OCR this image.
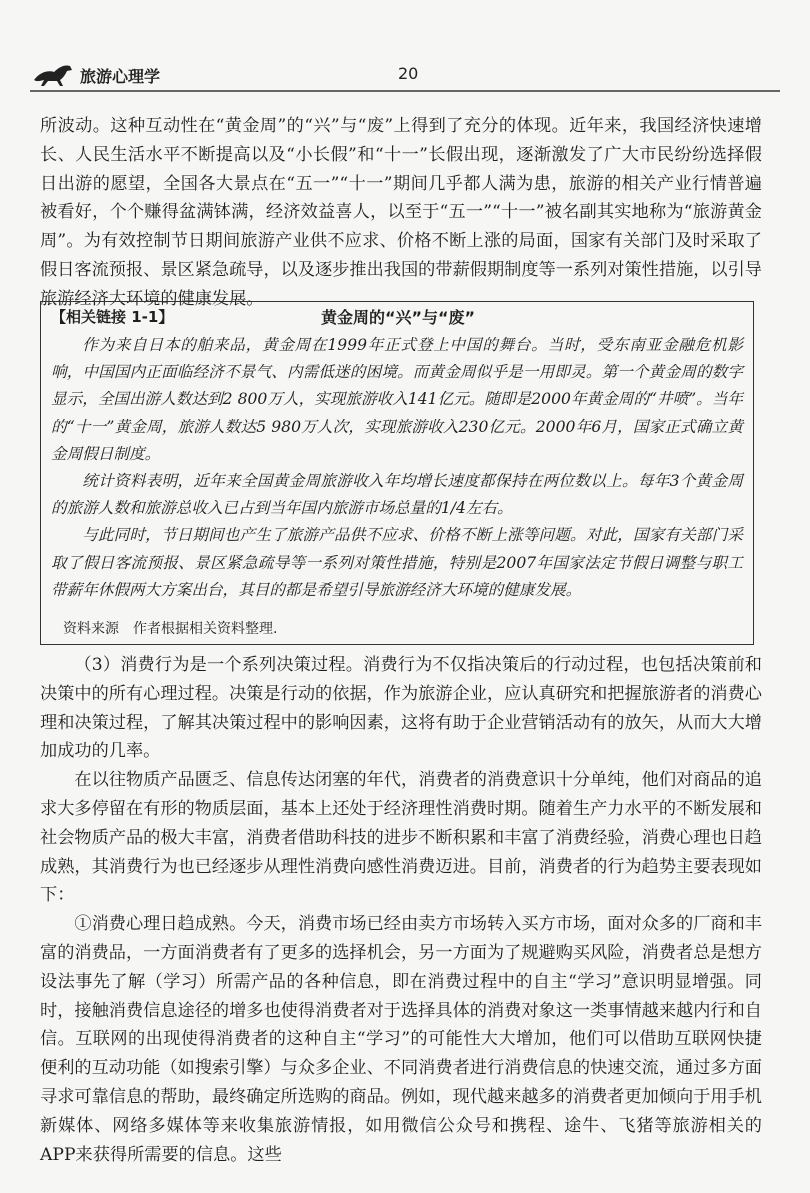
旅游心理学	20

所波动。这种互动性在“黄金周”的“兴”与“废”上得到了充分的体现。近年来，我国经济快速增长、人民生活水平不断提高以及“小长假”和“十一”长假出现，逐渐激发了广大市民纷纷选择假日出游的愿望，全国各大景点在“五一”“十一”期间几乎都人满为患，旅游的相关产业行情普遍被看好，个个赚得盆满钵满，经济效益喜人，以至于“五一”“十一”被名副其实地称为“旅游黄金周”。为有效控制节日期间旅游产业供不应求、价格不断上涨的局面，国家有关部门及时采取了假日客流预报、景区紧急疏导，以及逐步推出我国的带薪假期制度等一系列对策性措施，以引导旅游经济大环境的健康发展。

【相关链接 1-1】	黄金周的“兴”与“废”

作为来自日本的舶来品，黄金周在1999年正式登上中国的舞台。当时，受东南亚金融危机影响，中国国内正面临经济不景气、内需低迷的困境。而黄金周似乎是一用即灵。第一个黄金周的数字显示，全国出游人数达到2 800万人，实现旅游收入141亿元。随即是2000年黄金周的“井喷”。当年的“十一”黄金周，旅游人数达5 980万人次，实现旅游收入230亿元。2000年6月，国家正式确立黄金周假日制度。

统计资料表明，近年来全国黄金周旅游收入年均增长速度都保持在两位数以上。每年3个黄金周的旅游人数和旅游总收入已占到当年国内旅游市场总量的1/4左右。

与此同时，节日期间也产生了旅游产品供不应求、价格不断上涨等问题。对此，国家有关部门采取了假日客流预报、景区紧急疏导等一系列对策性措施，特别是2007年国家法定节假日调整与职工带薪年休假两大方案出台，其目的都是希望引导旅游经济大环境的健康发展。

资料来源　作者根据相关资料整理.

（3）消费行为是一个系列决策过程。消费行为不仅指决策后的行动过程，也包括决策前和决策中的所有心理过程。决策是行动的依据，作为旅游企业，应认真研究和把握旅游者的消费心理和决策过程，了解其决策过程中的影响因素，这将有助于企业营销活动有的放矢，从而大大增加成功的几率。

在以往物质产品匮乏、信息传达闭塞的年代，消费者的消费意识十分单纯，他们对商品的追求大多停留在有形的物质层面，基本上还处于经济理性消费时期。随着生产力水平的不断发展和社会物质产品的极大丰富，消费者借助科技的进步不断积累和丰富了消费经验，消费心理也日趋成熟，其消费行为也已经逐步从理性消费向感性消费迈进。目前，消费者的行为趋势主要表现如下：

①消费心理日趋成熟。今天，消费市场已经由卖方市场转入买方市场，面对众多的厂商和丰富的消费品，一方面消费者有了更多的选择机会，另一方面为了规避购买风险，消费者总是想方设法事先了解（学习）所需产品的各种信息，即在消费过程中的自主“学习”意识明显增强。同时，接触消费信息途径的增多也使得消费者对于选择具体的消费对象这一类事情越来越内行和自信。互联网的出现使得消费者的这种自主“学习”的可能性大大增加，他们可以借助互联网快捷便利的互动功能（如搜索引擎）与众多企业、不同消费者进行消费信息的快速交流，通过多方面寻求可靠信息的帮助，最终确定所选购的商品。例如，现代越来越多的消费者更加倾向于用手机新媒体、网络多媒体等来收集旅游情报，如用微信公众号和携程、途牛、飞猪等旅游相关的APP来获得所需要的信息。这些
